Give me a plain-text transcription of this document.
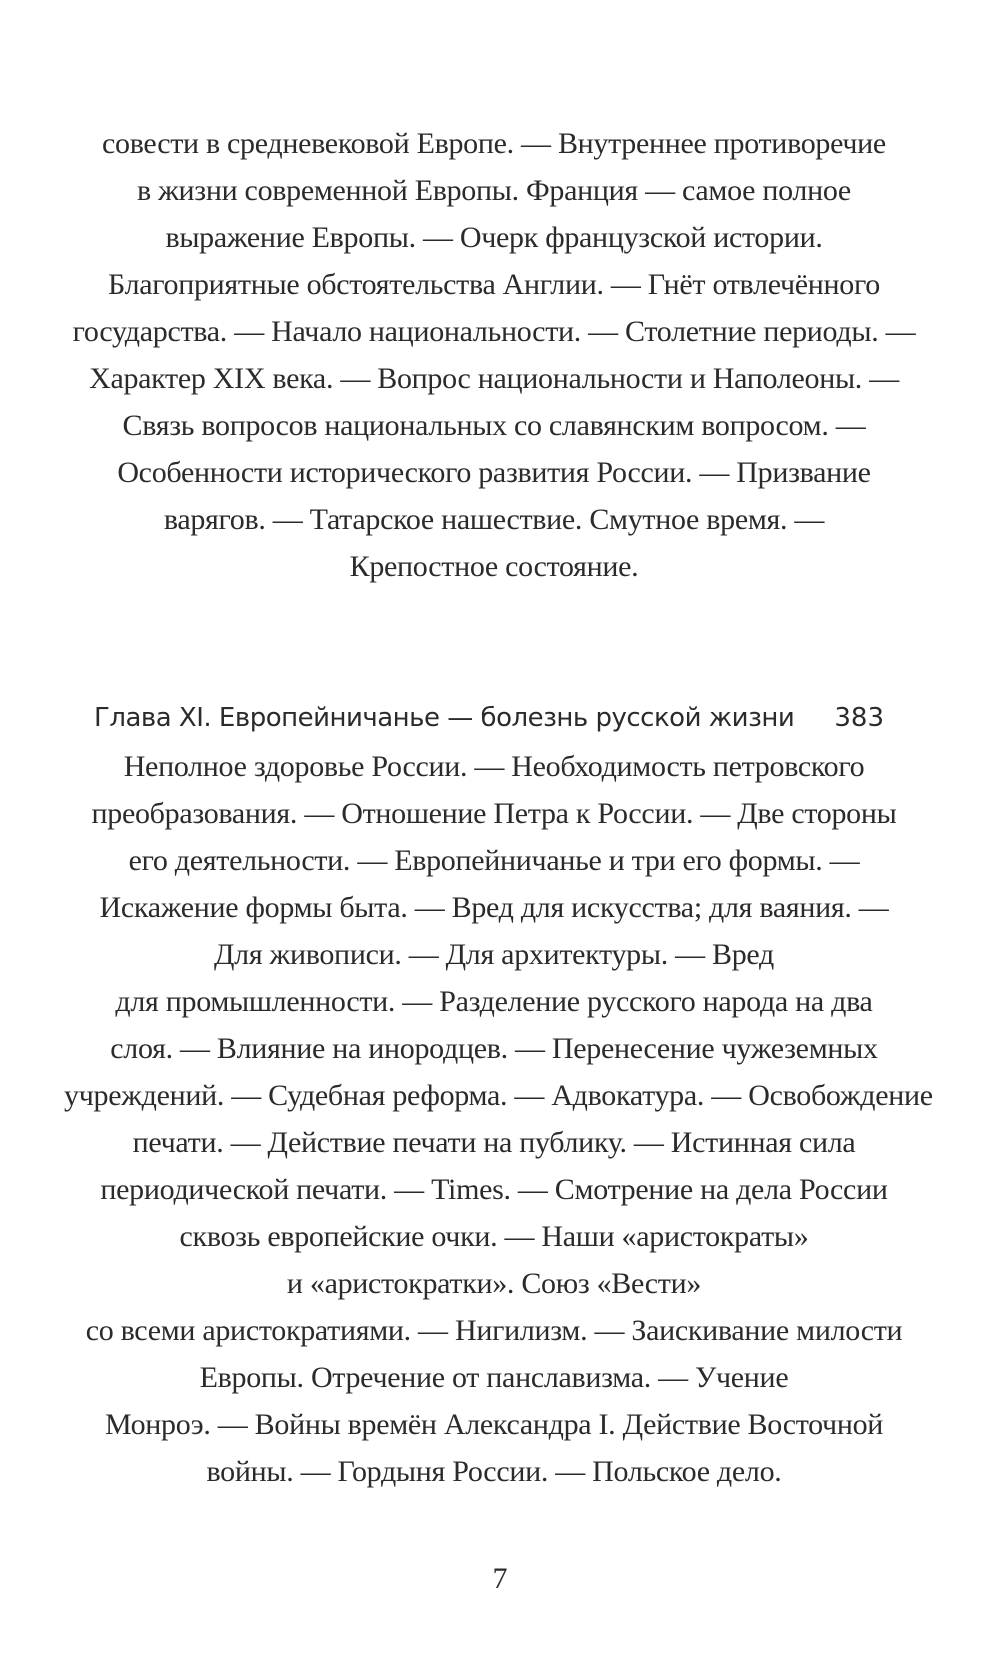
совести в средневековой Европе. — Внутреннее противоречие
в жизни современной Европы. Франция — самое полное
выражение Европы. — Очерк французской истории.
Благоприятные обстоятельства Англии. — Гнёт отвлечённого
государства. — Начало национальности. — Столетние периоды. —
Характер XIX века. — Вопрос национальности и Наполеоны. —
Связь вопросов национальных со славянским вопросом. —
Особенности исторического развития России. — Призвание
варягов. — Татарское нашествие. Смутное время. —
Крепостное состояние.
Глава XI. Европейничанье — болезнь русской жизни 383
Неполное здоровье России. — Необходимость петровского
преобразования. — Отношение Петра к России. — Две стороны
его деятельности. — Европейничанье и три его формы. —
Искажение формы быта. — Вред для искусства; для ваяния. —
Для живописи. — Для архитектуры. — Вред
для промышленности. — Разделение русского народа на два
слоя. — Влияние на инородцев. — Перенесение чужеземных
учреждений. — Судебная реформа. — Адвокатура. — Освобождение
печати. — Действие печати на публику. — Истинная сила
периодической печати. — Times. — Смотрение на дела России
сквозь европейские очки. — Наши «аристократы»
и «аристократки». Союз «Вести»
со всеми аристократиями. — Нигилизм. — Заискивание милости
Европы. Отречение от панславизма. — Учение
Монроэ. — Войны времён Александра I. Действие Восточной
войны. — Гордыня России. — Польское дело.
7
